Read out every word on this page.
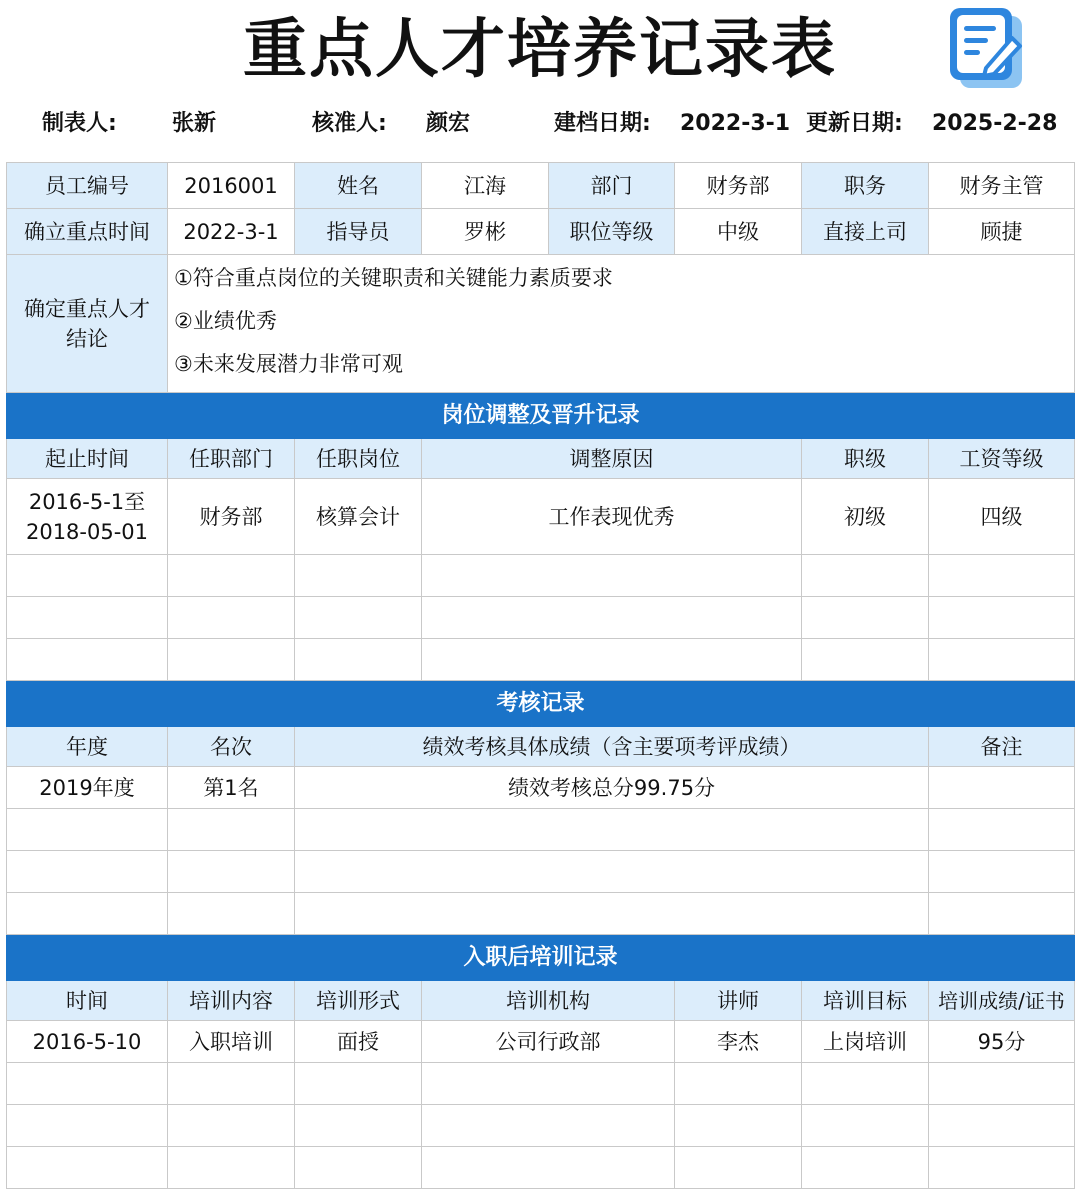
重点人才培养记录表
制表人:	张新	核准人: 颜宏	建档日期: 2022-3-1 更新日期: 2025-2-28
员工编号	2016001	姓名	江海	部门	财务部	职务	财务主管
确立重点时间	2022-3-1	指导员	罗彬	职位等级	中级	直接上司	顾捷
确定重点人才结论	①符合重点岗位的关键职责和关键能力素质要求
②业绩优秀
③未来发展潜力非常可观						

岗位调整及晋升记录							
起止时间	任职部门	任职岗位	调整原因			职级	工资等级
2016-5-1至2018-05-01	财务部	核算会计	工作表现优秀			初级	四级

考核记录							
年度	名次	绩效考核具体成绩（含主要项考评成绩）					备注
2019年度	第1名	绩效考核总分99.75分					

入职后培训记录							
时间	培训内容	培训形式	培训机构		讲师	培训目标	培训成绩/证书
2016-5-10	入职培训	面授	公司行政部		李杰	上岗培训	95分
